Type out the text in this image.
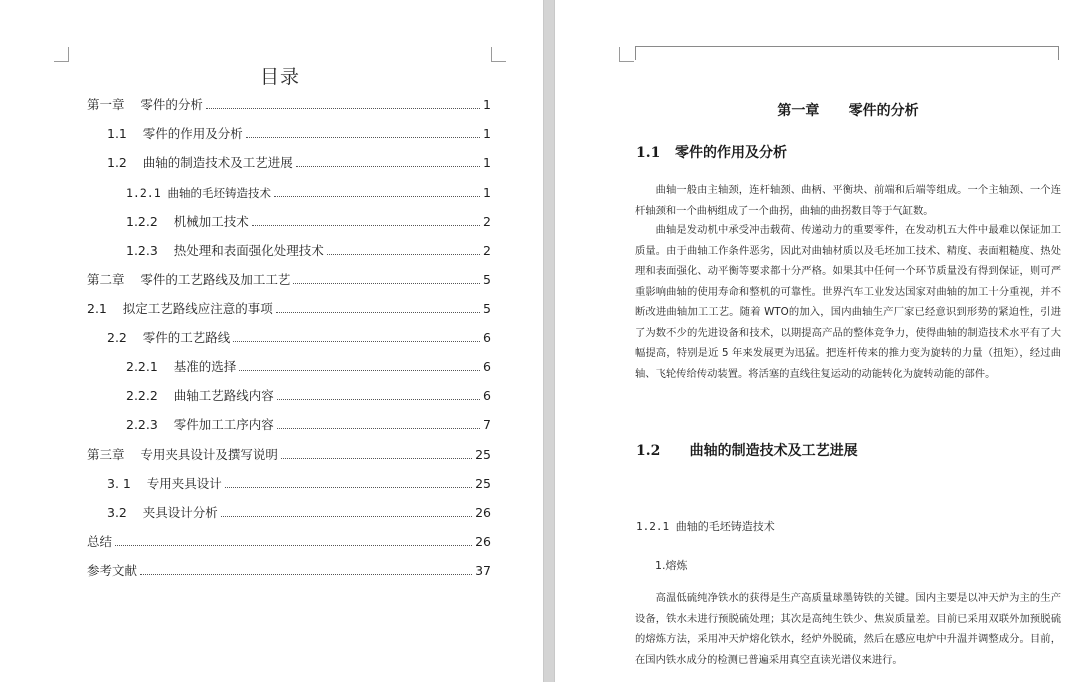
目录
第一章    零件的分析	1
1.1    零件的作用及分析	1
1.2    曲轴的制造技术及工艺进展	1
1.2.1 曲轴的毛坯铸造技术	1
1.2.2    机械加工技术	2
1.2.3    热处理和表面强化处理技术	2
第二章    零件的工艺路线及加工工艺	5
2.1    拟定工艺路线应注意的事项	5
2.2    零件的工艺路线	6
2.2.1    基准的选择	6
2.2.2    曲轴工艺路线内容	6
2.2.3    零件加工工序内容	7
第三章    专用夹具设计及撰写说明	25
3. 1    专用夹具设计	25
3.2    夹具设计分析	26
总结	26
参考文献	37
第一章      零件的分析
1.1   零件的作用及分析

曲轴一般由主轴颈，连杆轴颈、曲柄、平衡块、前端和后端等组成。一个主轴颈、一个连杆轴颈和一个曲柄组成了一个曲拐，曲轴的曲拐数目等于气缸数。

曲轴是发动机中承受冲击载荷、传递动力的重要零件，在发动机五大件中最难以保证加工质量。由于曲轴工作条件恶劣，因此对曲轴材质以及毛坯加工技术、精度、表面粗糙度、热处理和表面强化、动平衡等要求都十分严格。如果其中任何一个环节质量没有得到保证，则可严重影响曲轴的使用寿命和整机的可靠性。世界汽车工业发达国家对曲轴的加工十分重视，并不断改进曲轴加工工艺。随着 WTO的加入，国内曲轴生产厂家已经意识到形势的紧迫性，引进了为数不少的先进设备和技术，以期提高产品的整体竞争力，使得曲轴的制造技术水平有了大幅提高，特别是近 5 年来发展更为迅猛。把连杆传来的推力变为旋转的力量（扭矩），经过曲轴、飞轮传给传动装置。将活塞的直线往复运动的动能转化为旋转动能的部件。

1.2      曲轴的制造技术及工艺进展
1.2.1 曲轴的毛坯铸造技术
1.熔炼

高温低硫纯净铁水的获得是生产高质量球墨铸铁的关键。国内主要是以冲天炉为主的生产设备，铁水未进行预脱硫处理；其次是高纯生铁少、焦炭质量差。目前已采用双联外加预脱硫的熔炼方法，采用冲天炉熔化铁水，经炉外脱硫，然后在感应电炉中升温并调整成分。目前，在国内铁水成分的检测已普遍采用真空直读光谱仪来进行。
